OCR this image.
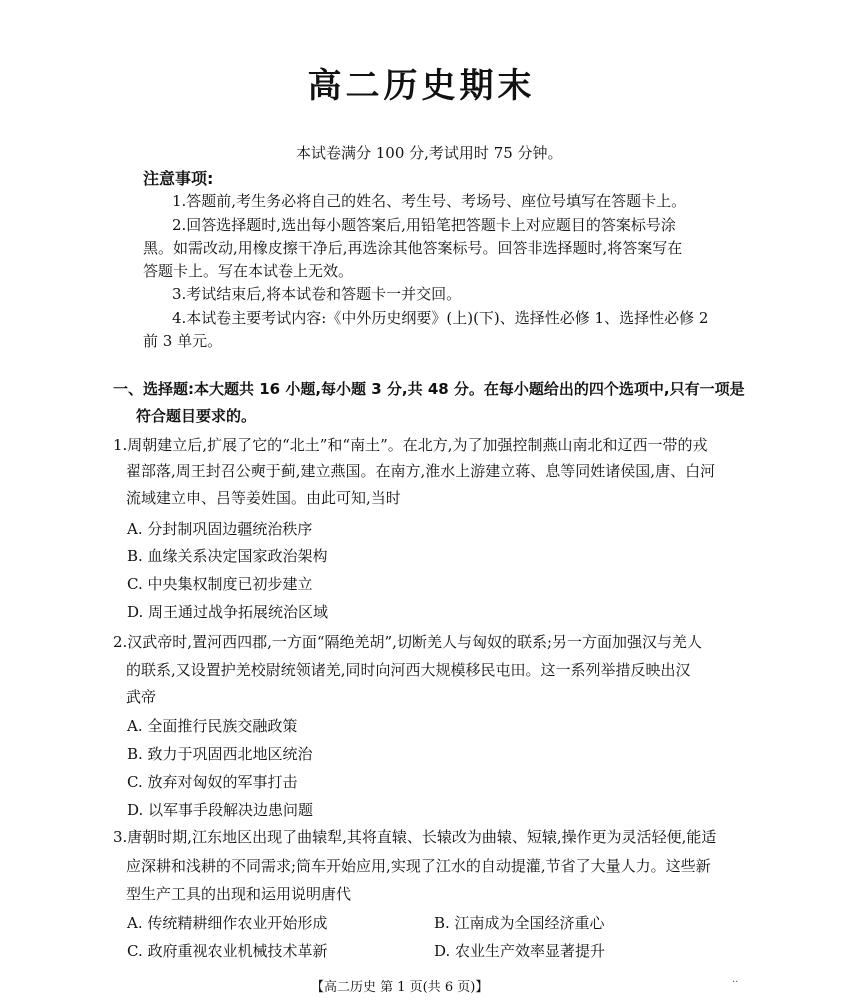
高二历史期末
本试卷满分 100 分,考试用时 75 分钟。
注意事项:
1.答题前,考生务必将自己的姓名、考生号、考场号、座位号填写在答题卡上。
2.回答选择题时,选出每小题答案后,用铅笔把答题卡上对应题目的答案标号涂
黑。如需改动,用橡皮擦干净后,再选涂其他答案标号。回答非选择题时,将答案写在
答题卡上。写在本试卷上无效。
3.考试结束后,将本试卷和答题卡一并交回。
4.本试卷主要考试内容:《中外历史纲要》(上)(下)、选择性必修 1、选择性必修 2
前 3 单元。
一、选择题:本大题共 16 小题,每小题 3 分,共 48 分。在每小题给出的四个选项中,只有一项是
符合题目要求的。
1.周朝建立后,扩展了它的“北土”和“南土”。在北方,为了加强控制燕山南北和辽西一带的戎
翟部落,周王封召公奭于蓟,建立燕国。在南方,淮水上游建立蒋、息等同姓诸侯国,唐、白河
流域建立申、吕等姜姓国。由此可知,当时
A. 分封制巩固边疆统治秩序
B. 血缘关系决定国家政治架构
C. 中央集权制度已初步建立
D. 周王通过战争拓展统治区域
2.汉武帝时,置河西四郡,一方面“隔绝羌胡”,切断羌人与匈奴的联系;另一方面加强汉与羌人
的联系,又设置护羌校尉统领诸羌,同时向河西大规模移民屯田。这一系列举措反映出汉
武帝
A. 全面推行民族交融政策
B. 致力于巩固西北地区统治
C. 放弃对匈奴的军事打击
D. 以军事手段解决边患问题
3.唐朝时期,江东地区出现了曲辕犁,其将直辕、长辕改为曲辕、短辕,操作更为灵活轻便,能适
应深耕和浅耕的不同需求;筒车开始应用,实现了江水的自动提灌,节省了大量人力。这些新
型生产工具的出现和运用说明唐代
A. 传统精耕细作农业开始形成	B. 江南成为全国经济重心
C. 政府重视农业机械技术革新	D. 农业生产效率显著提升
【高二历史 第 1 页(共 6 页)】	··
